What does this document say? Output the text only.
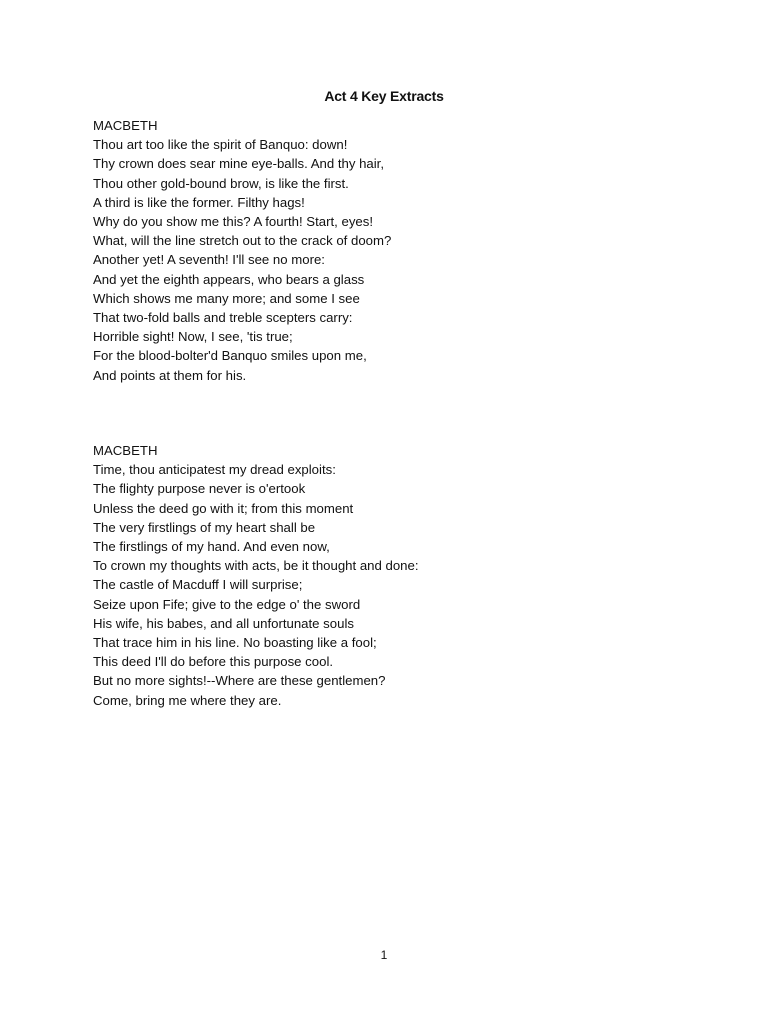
Act 4 Key Extracts
MACBETH
Thou art too like the spirit of Banquo: down!
Thy crown does sear mine eye-balls. And thy hair,
Thou other gold-bound brow, is like the first.
A third is like the former. Filthy hags!
Why do you show me this? A fourth! Start, eyes!
What, will the line stretch out to the crack of doom?
Another yet! A seventh! I'll see no more:
And yet the eighth appears, who bears a glass
Which shows me many more; and some I see
That two-fold balls and treble scepters carry:
Horrible sight! Now, I see, 'tis true;
For the blood-bolter'd Banquo smiles upon me,
And points at them for his.
MACBETH
Time, thou anticipatest my dread exploits:
The flighty purpose never is o'ertook
Unless the deed go with it; from this moment
The very firstlings of my heart shall be
The firstlings of my hand. And even now,
To crown my thoughts with acts, be it thought and done:
The castle of Macduff I will surprise;
Seize upon Fife; give to the edge o' the sword
His wife, his babes, and all unfortunate souls
That trace him in his line. No boasting like a fool;
This deed I'll do before this purpose cool.
But no more sights!--Where are these gentlemen?
Come, bring me where they are.
1
